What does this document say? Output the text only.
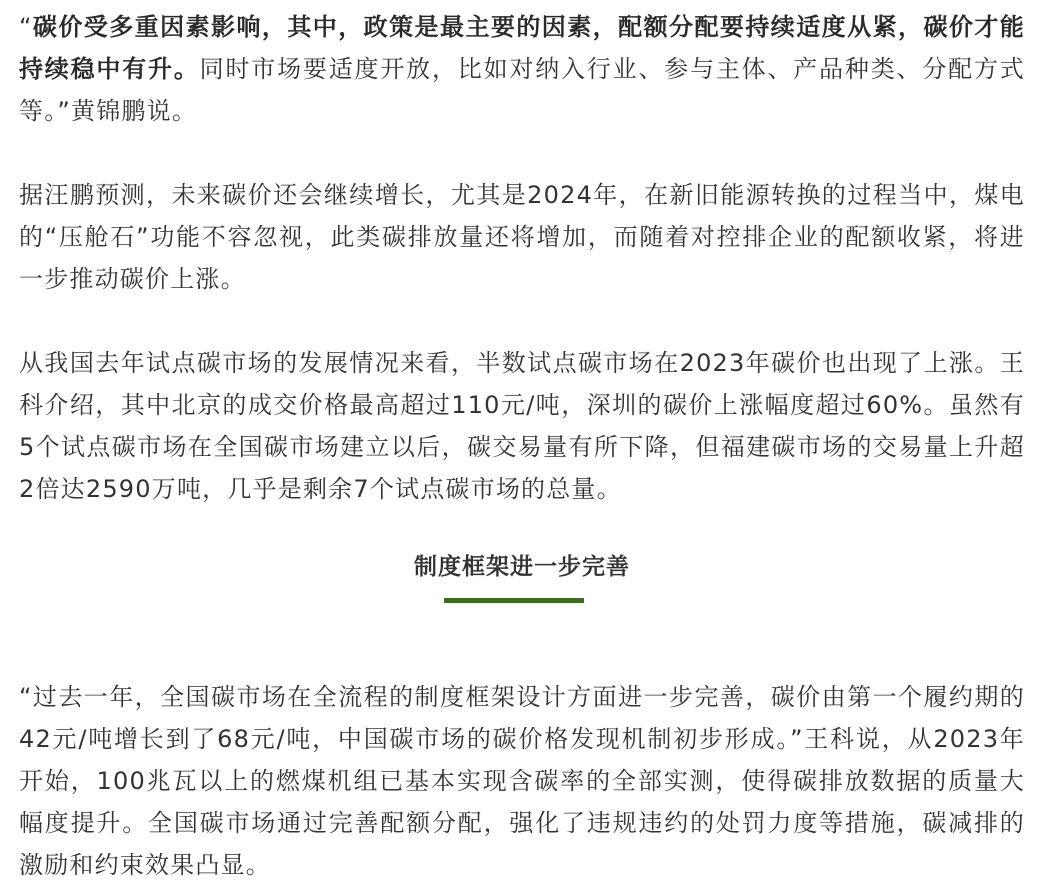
“碳价受多重因素影响，其中，政策是最主要的因素，配额分配要持续适度从紧，碳价才能持续稳中有升。同时市场要适度开放，比如对纳入行业、参与主体、产品种类、分配方式等。”黄锦鹏说。

据汪鹏预测，未来碳价还会继续增长，尤其是2024年，在新旧能源转换的过程当中，煤电的“压舱石”功能不容忽视，此类碳排放量还将增加，而随着对控排企业的配额收紧，将进一步推动碳价上涨。

从我国去年试点碳市场的发展情况来看，半数试点碳市场在2023年碳价也出现了上涨。王科介绍，其中北京的成交价格最高超过110元/吨，深圳的碳价上涨幅度超过60%。虽然有5个试点碳市场在全国碳市场建立以后，碳交易量有所下降，但福建碳市场的交易量上升超2倍达2590万吨，几乎是剩余7个试点碳市场的总量。

制度框架进一步完善

“过去一年，全国碳市场在全流程的制度框架设计方面进一步完善，碳价由第一个履约期的42元/吨增长到了68元/吨，中国碳市场的碳价格发现机制初步形成。”王科说，从2023年开始，100兆瓦以上的燃煤机组已基本实现含碳率的全部实测，使得碳排放数据的质量大幅度提升。全国碳市场通过完善配额分配，强化了违规违约的处罚力度等措施，碳减排的激励和约束效果凸显。
